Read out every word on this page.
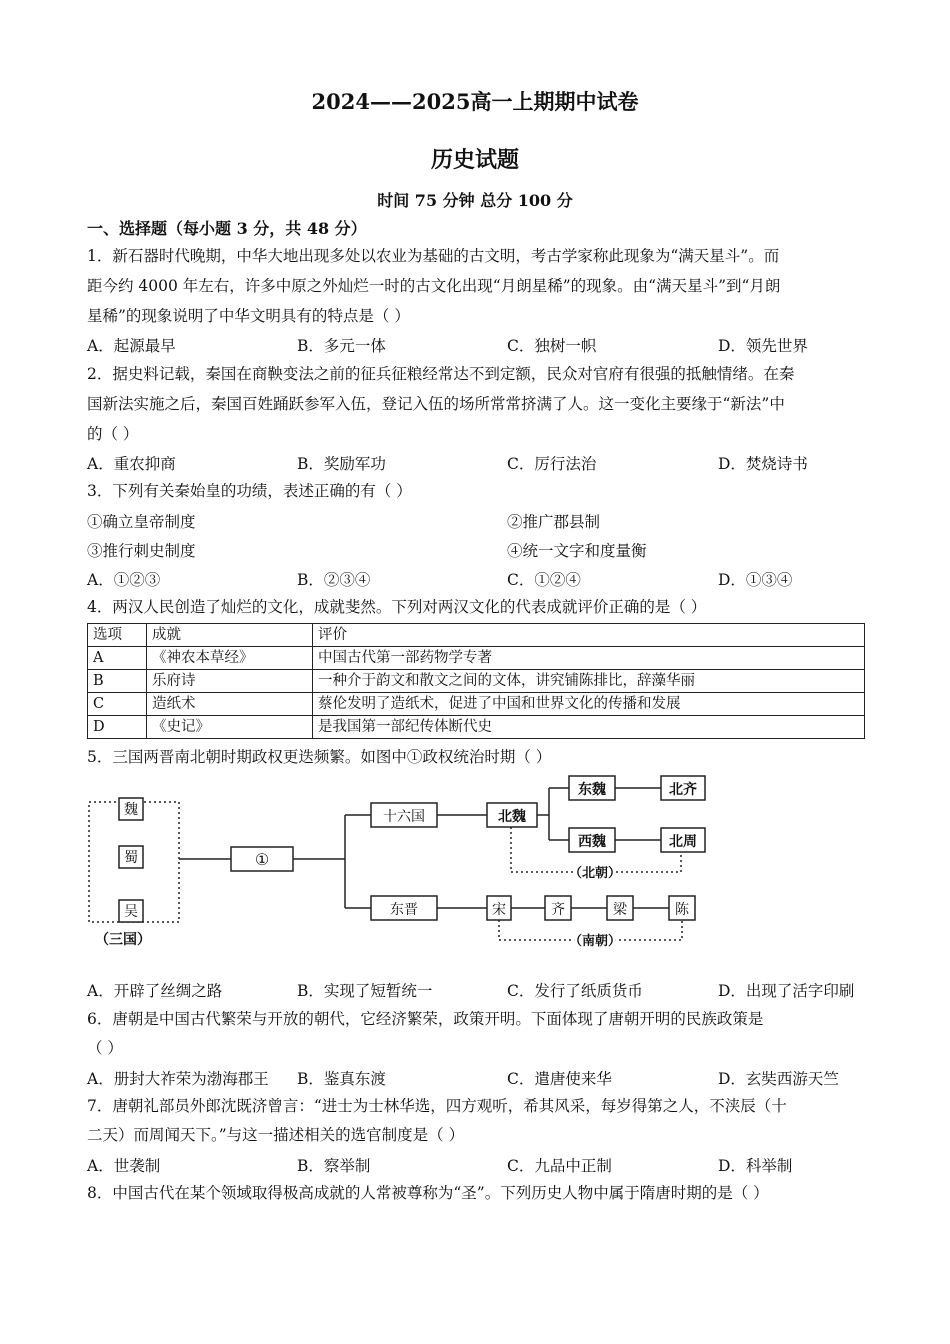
2024——2025高一上期期中试卷
历史试题
时间 75 分钟 总分 100 分
一、选择题（每小题 3 分，共 48 分）
1．新石器时代晚期，中华大地出现多处以农业为基础的古文明，考古学家称此现象为“满天星斗”。而
距今约 4000 年左右，许多中原之外灿烂一时的古文化出现“月朗星稀”的现象。由“满天星斗”到“月朗
星稀”的现象说明了中华文明具有的特点是（ ）
A．起源最早	B．多元一体	C．独树一帜	D．领先世界
2．据史料记载，秦国在商鞅变法之前的征兵征粮经常达不到定额，民众对官府有很强的抵触情绪。在秦
国新法实施之后，秦国百姓踊跃参军入伍，登记入伍的场所常常挤满了人。这一变化主要缘于“新法”中
的（ ）
A．重农抑商	B．奖励军功	C．厉行法治	D．焚烧诗书
3．下列有关秦始皇的功绩，表述正确的有（ ）
①确立皇帝制度	②推广郡县制
③推行刺史制度	④统一文字和度量衡
A．①②③	B．②③④	C．①②④	D．①③④
4．两汉人民创造了灿烂的文化，成就斐然。下列对两汉文化的代表成就评价正确的是（ ）
选项	成就	评价
A	《神农本草经》	中国古代第一部药物学专著
B	乐府诗	一种介于韵文和散文之间的文体，讲究铺陈排比，辞藻华丽
C	造纸术	蔡伦发明了造纸术，促进了中国和世界文化的传播和发展
D	《史记》	是我国第一部纪传体断代史
5．三国两晋南北朝时期政权更迭频繁。如图中①政权统治时期（ ）
魏
蜀
吴
（三国）
①
十六国	北魏
东魏
西魏
北齐
北周
（北朝）
东晋	宋	齐	梁	陈
（南朝）
A．开辟了丝绸之路	B．实现了短暂统一	C．发行了纸质货币	D．出现了活字印刷
6．唐朝是中国古代繁荣与开放的朝代，它经济繁荣，政策开明。下面体现了唐朝开明的民族政策是
（ ）
A．册封大祚荣为渤海郡王 B．鉴真东渡	C．遣唐使来华	D．玄奘西游天竺
7．唐朝礼部员外郎沈既济曾言：“进士为士林华选，四方观听，希其风采，每岁得第之人，不浃辰（十
二天）而周闻天下。”与这一描述相关的选官制度是（ ）
A．世袭制	B．察举制	C．九品中正制	D．科举制
8．中国古代在某个领域取得极高成就的人常被尊称为“圣”。下列历史人物中属于隋唐时期的是（ ）
